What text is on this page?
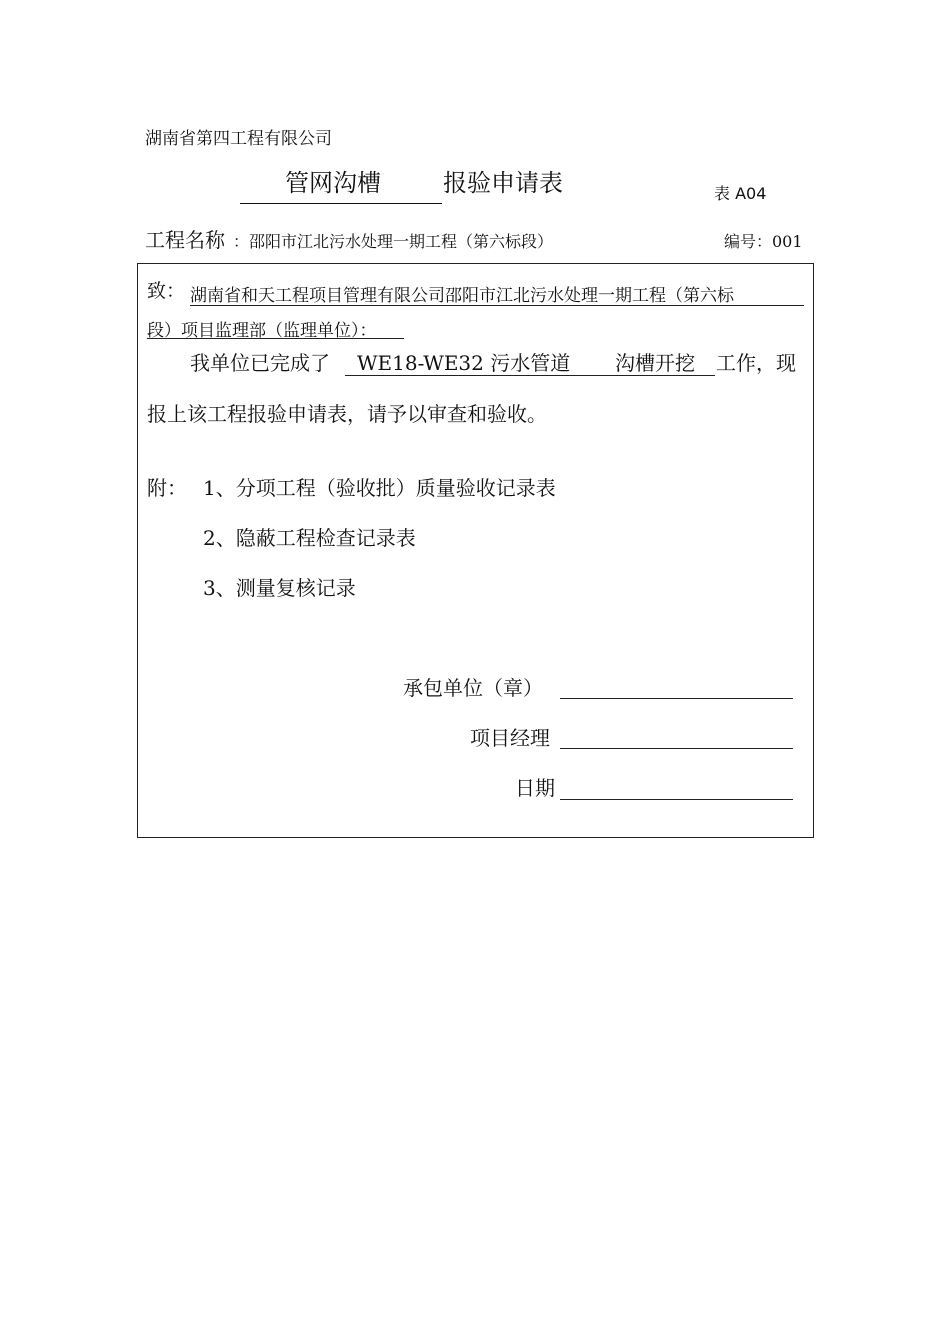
湖南省第四工程有限公司
管网沟槽	报验申请表	表 A04
工程名称 ：邵阳市江北污水处理一期工程（第六标段）	编号：001
致： 湖南省和天工程项目管理有限公司邵阳市江北污水处理一期工程（第六标
段）项目监理部（监理单位）：
我单位已完成了 WE18-WE32 污水管道 沟槽开挖 工作，现
报上该工程报验申请表，请予以审查和验收。
附： 1、分项工程（验收批）质量验收记录表
2、隐蔽工程检查记录表
3、测量复核记录
承包单位（章）
项目经理
日期
